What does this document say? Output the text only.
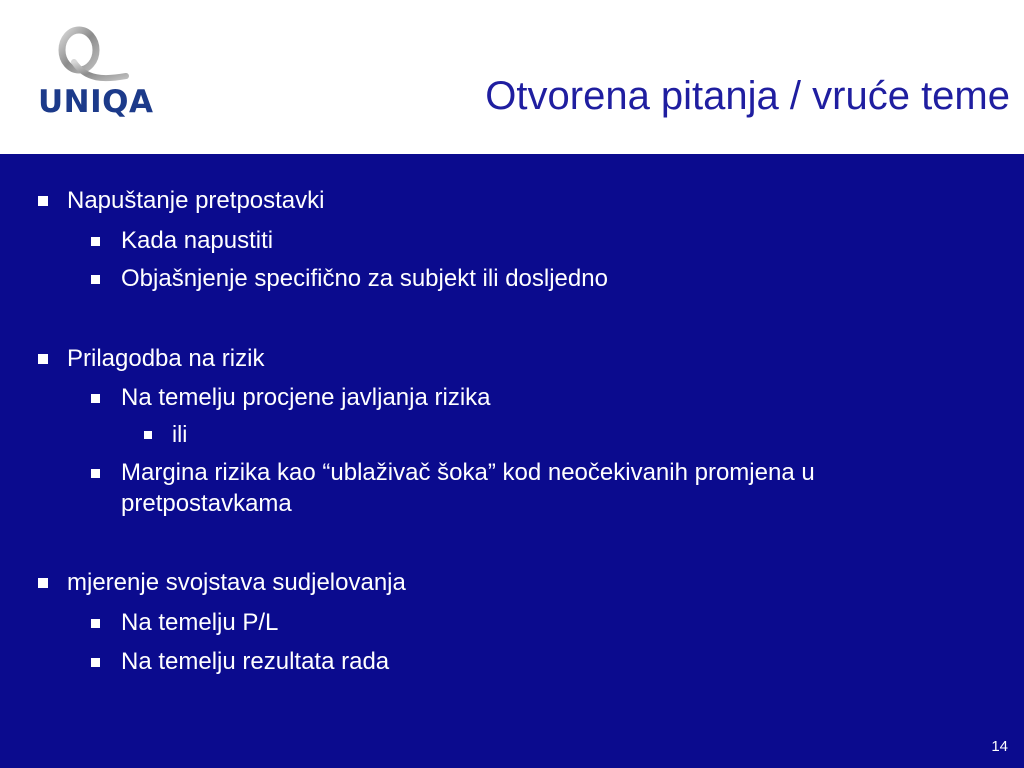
UNIQA	Otvorena pitanja / vruće teme
Napuštanje pretpostavki
Kada napustiti
Objašnjenje specifično za subjekt ili dosljedno
Prilagodba na rizik
Na temelju procjene javljanja rizika
ili
Margina rizika kao “ublaživač šoka” kod neočekivanih promjena u pretpostavkama
mjerenje svojstava sudjelovanja
Na temelju P/L
Na temelju rezultata rada
14
